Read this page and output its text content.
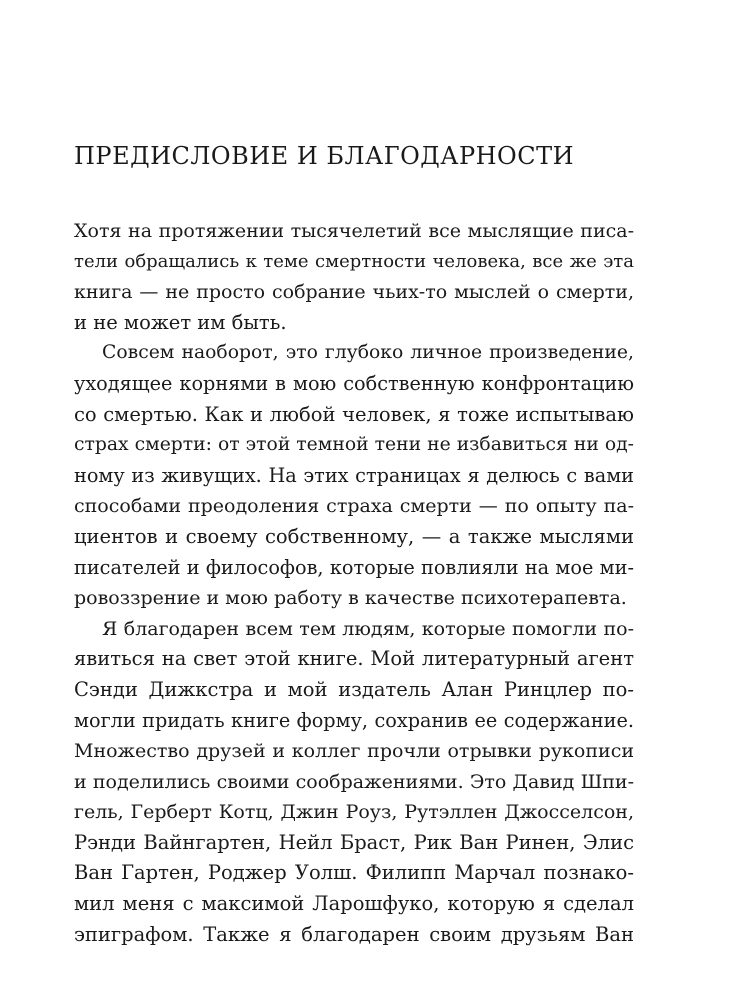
ПРЕДИСЛОВИЕ И БЛАГОДАРНОСТИ
Хотя на протяжении тысячелетий все мыслящие писа-
тели обращались к теме смертности человека, все же эта
книга — не просто собрание чьих-то мыслей о смерти,
и не может им быть.
Совсем наоборот, это глубоко личное произведение,
уходящее корнями в мою собственную конфронтацию
со смертью. Как и любой человек, я тоже испытываю
страх смерти: от этой темной тени не избавиться ни од-
ному из живущих. На этих страницах я делюсь с вами
способами преодоления страха смерти — по опыту па-
циентов и своему собственному, — а также мыслями
писателей и философов, которые повлияли на мое ми-
ровоззрение и мою работу в качестве психотерапевта.
Я благодарен всем тем людям, которые помогли по-
явиться на свет этой книге. Мой литературный агент
Сэнди Дижкстра и мой издатель Алан Ринцлер по-
могли придать книге форму, сохранив ее содержание.
Множество друзей и коллег прочли отрывки рукописи
и поделились своими соображениями. Это Давид Шпи-
гель, Герберт Котц, Джин Роуз, Рутэллен Джосселсон,
Рэнди Вайнгартен, Нейл Браст, Рик Ван Ринен, Элис
Ван Гартен, Роджер Уолш. Филипп Марчал познако-
мил меня с максимой Ларошфуко, которую я сделал
эпиграфом. Также я благодарен своим друзьям Ван
